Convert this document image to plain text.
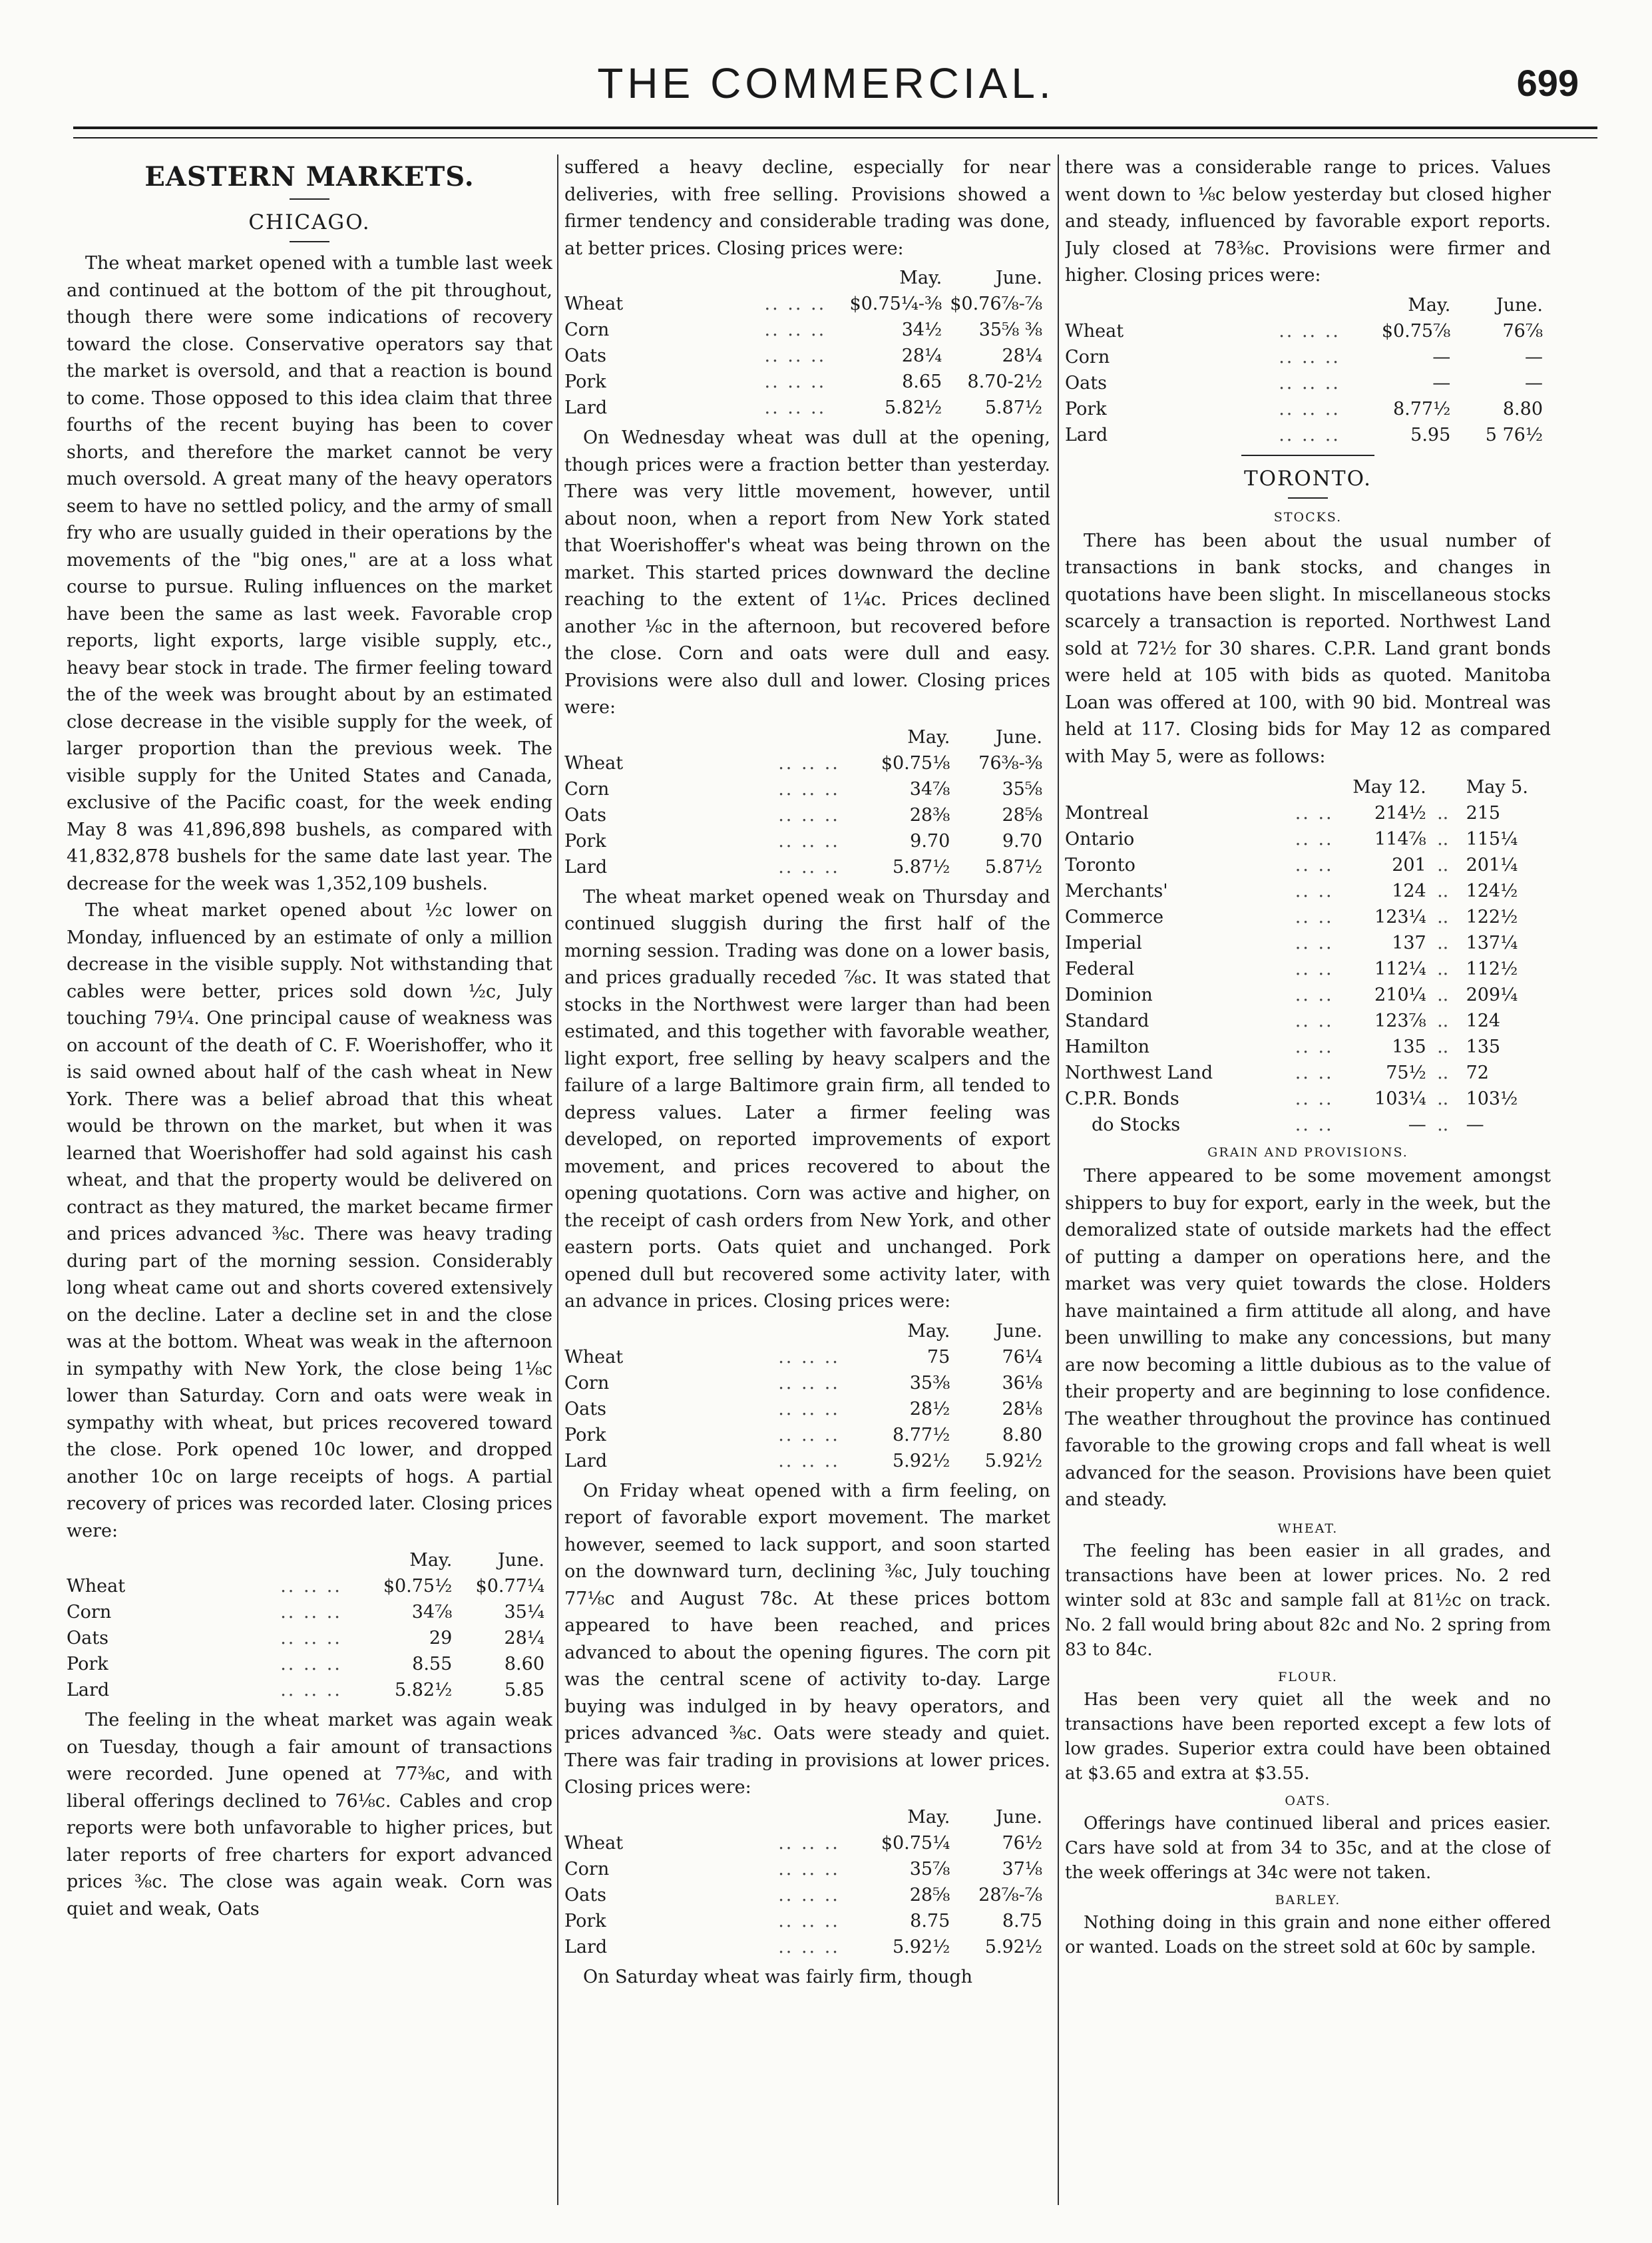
THE COMMERCIAL.	699
EASTERN MARKETS.
CHICAGO.

The wheat market opened with a tumble last week and continued at the bottom of the pit throughout, though there were some indications of recovery toward the close. Conservative operators say that the market is oversold, and that a reaction is bound to come. Those opposed to this idea claim that three fourths of the recent buying has been to cover shorts, and therefore the market cannot be very much oversold. A great many of the heavy operators seem to have no settled policy, and the army of small fry who are usually guided in their operations by the movements of the "big ones," are at a loss what course to pursue. Ruling influences on the market have been the same as last week. Favorable crop reports, light exports, large visible supply, etc., heavy bear stock in trade. The firmer feeling toward the of the week was brought about by an estimated close decrease in the visible supply for the week, of larger proportion than the previous week. The visible supply for the United States and Canada, exclusive of the Pacific coast, for the week ending May 8 was 41,896,898 bushels, as compared with 41,832,878 bushels for the same date last year. The decrease for the week was 1,352,109 bushels.

The wheat market opened about ½c lower on Monday, influenced by an estimate of only a million decrease in the visible supply. Not withstanding that cables were better, prices sold down ½c, July touching 79¼. One principal cause of weakness was on account of the death of C. F. Woerishoffer, who it is said owned about half of the cash wheat in New York. There was a belief abroad that this wheat would be thrown on the market, but when it was learned that Woerishoffer had sold against his cash wheat, and that the property would be delivered on contract as they matured, the market became firmer and prices advanced ⅜c. There was heavy trading during part of the morning session. Considerably long wheat came out and shorts covered extensively on the decline. Later a decline set in and the close was at the bottom. Wheat was weak in the afternoon in sympathy with New York, the close being 1⅛c lower than Saturday. Corn and oats were weak in sympathy with wheat, but prices recovered toward the close. Pork opened 10c lower, and dropped another 10c on large receipts of hogs. A partial recovery of prices was recorded later. Closing prices were:

		May.	June.
Wheat	.. .. ..	$0.75½	$0.77¼
Corn	.. .. ..	34⅞	35¼
Oats	.. .. ..	29	28¼
Pork	.. .. ..	8.55	8.60
Lard	.. .. ..	5.82½	5.85

The feeling in the wheat market was again weak on Tuesday, though a fair amount of transactions were recorded. June opened at 77⅜c, and with liberal offerings declined to 76⅛c. Cables and crop reports were both unfavorable to higher prices, but later reports of free charters for export advanced prices ⅜c. The close was again weak. Corn was quiet and weak, Oats

suffered a heavy decline, especially for near deliveries, with free selling. Provisions showed a firmer tendency and considerable trading was done, at better prices. Closing prices were:

		May.	June.
Wheat	.. .. ..	$0.75¼-⅜	$0.76⅞-⅞
Corn	.. .. ..	34½	35⅝ ⅜
Oats	.. .. ..	28¼	28¼
Pork	.. .. ..	8.65	8.70-2½
Lard	.. .. ..	5.82½	5.87½

On Wednesday wheat was dull at the opening, though prices were a fraction better than yesterday. There was very little movement, however, until about noon, when a report from New York stated that Woerishoffer's wheat was being thrown on the market. This started prices downward the decline reaching to the extent of 1¼c. Prices declined another ⅛c in the afternoon, but recovered before the close. Corn and oats were dull and easy. Provisions were also dull and lower. Closing prices were:

		May.	June.
Wheat	.. .. ..	$0.75⅛	76⅜-⅜
Corn	.. .. ..	34⅞	35⅝
Oats	.. .. ..	28⅜	28⅝
Pork	.. .. ..	9.70	9.70
Lard	.. .. ..	5.87½	5.87½

The wheat market opened weak on Thursday and continued sluggish during the first half of the morning session. Trading was done on a lower basis, and prices gradually receded ⅞c. It was stated that stocks in the Northwest were larger than had been estimated, and this together with favorable weather, light export, free selling by heavy scalpers and the failure of a large Baltimore grain firm, all tended to depress values. Later a firmer feeling was developed, on reported improvements of export movement, and prices recovered to about the opening quotations. Corn was active and higher, on the receipt of cash orders from New York, and other eastern ports. Oats quiet and unchanged. Pork opened dull but recovered some activity later, with an advance in prices. Closing prices were:

		May.	June.
Wheat	.. .. ..	75	76¼
Corn	.. .. ..	35⅜	36⅛
Oats	.. .. ..	28½	28⅛
Pork	.. .. ..	8.77½	8.80
Lard	.. .. ..	5.92½	5.92½

On Friday wheat opened with a firm feeling, on report of favorable export movement. The market however, seemed to lack support, and soon started on the downward turn, declining ⅜c, July touching 77⅛c and August 78c. At these prices bottom appeared to have been reached, and prices advanced to about the opening figures. The corn pit was the central scene of activity to-day. Large buying was indulged in by heavy operators, and prices advanced ⅜c. Oats were steady and quiet. There was fair trading in provisions at lower prices. Closing prices were:

		May.	June.
Wheat	.. .. ..	$0.75¼	76½
Corn	.. .. ..	35⅞	37⅛
Oats	.. .. ..	28⅝	28⅞-⅞
Pork	.. .. ..	8.75	8.75
Lard	.. .. ..	5.92½	5.92½

On Saturday wheat was fairly firm, though

there was a considerable range to prices. Values went down to ⅛c below yesterday but closed higher and steady, influenced by favorable export reports. July closed at 78⅜c. Provisions were firmer and higher. Closing prices were:

		May.	June.
Wheat	.. .. ..	$0.75⅞	76⅞
Corn	.. .. ..	—	—
Oats	.. .. ..	—	—
Pork	.. .. ..	8.77½	8.80
Lard	.. .. ..	5.95	5 76½
TORONTO.
STOCKS.

There has been about the usual number of transactions in bank stocks, and changes in quotations have been slight. In miscellaneous stocks scarcely a transaction is reported. Northwest Land sold at 72½ for 30 shares. C.P.R. Land grant bonds were held at 105 with bids as quoted. Manitoba Loan was offered at 100, with 90 bid. Montreal was held at 117. Closing bids for May 12 as compared with May 5, were as follows:

		May 12.		May 5.
Montreal	.. ..	214½	..	215
Ontario	.. ..	114⅞	..	115¼
Toronto	.. ..	201	..	201¼
Merchants'	.. ..	124	..	124½
Commerce	.. ..	123¼	..	122½
Imperial	.. ..	137	..	137¼
Federal	.. ..	112¼	..	112½
Dominion	.. ..	210¼	..	209¼
Standard	.. ..	123⅞	..	124
Hamilton	.. ..	135	..	135
Northwest Land	.. ..	75½	..	72
C.P.R. Bonds	.. ..	103¼	..	103½
do Stocks	.. ..	—	..	—
GRAIN AND PROVISIONS.

There appeared to be some movement amongst shippers to buy for export, early in the week, but the demoralized state of outside markets had the effect of putting a damper on operations here, and the market was very quiet towards the close. Holders have maintained a firm attitude all along, and have been unwilling to make any concessions, but many are now becoming a little dubious as to the value of their property and are beginning to lose confidence. The weather throughout the province has continued favorable to the growing crops and fall wheat is well advanced for the season. Provisions have been quiet and steady.

WHEAT.

The feeling has been easier in all grades, and transactions have been at lower prices. No. 2 red winter sold at 83c and sample fall at 81½c on track. No. 2 fall would bring about 82c and No. 2 spring from 83 to 84c.

FLOUR.

Has been very quiet all the week and no transactions have been reported except a few lots of low grades. Superior extra could have been obtained at $3.65 and extra at $3.55.

OATS.

Offerings have continued liberal and prices easier. Cars have sold at from 34 to 35c, and at the close of the week offerings at 34c were not taken.

BARLEY.

Nothing doing in this grain and none either offered or wanted. Loads on the street sold at 60c by sample.
